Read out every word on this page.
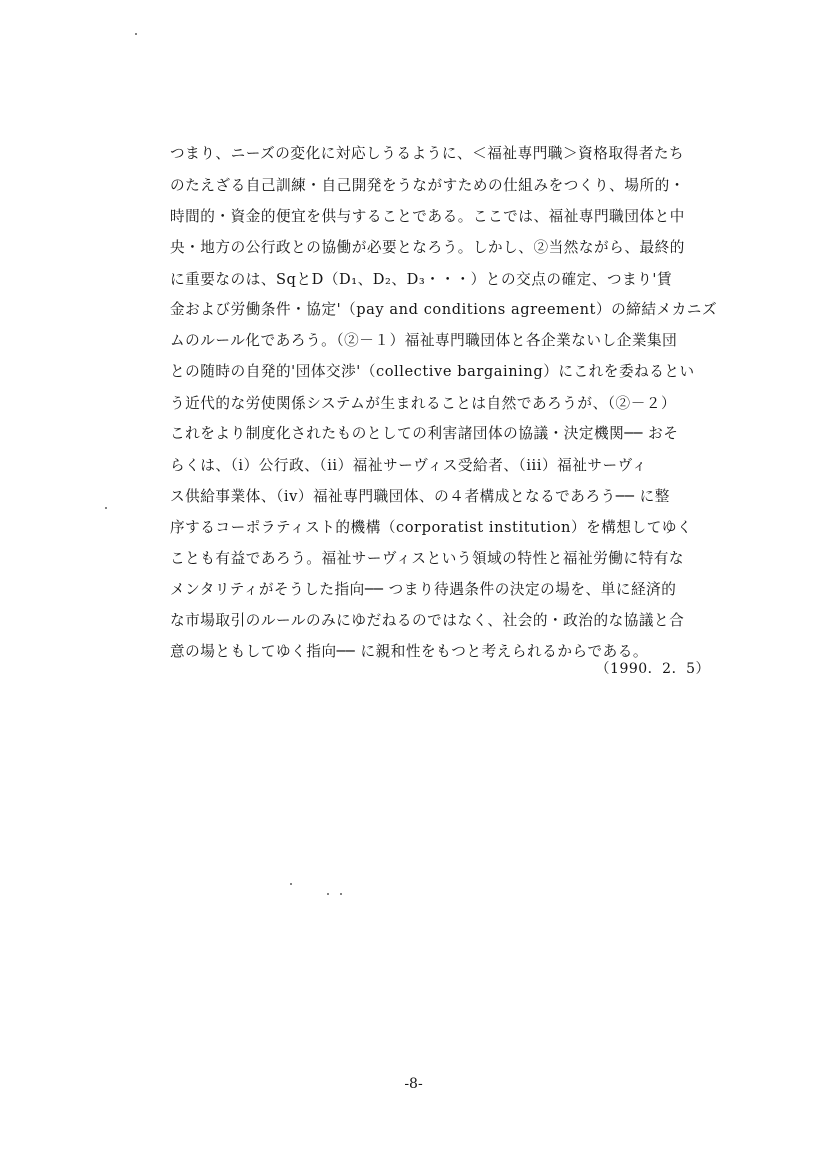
つまり、ニーズの変化に対応しうるように、＜福祉専門職＞資格取得者たち
のたえざる自己訓練・自己開発をうながすための仕組みをつくり、場所的・
時間的・資金的便宜を供与することである。ここでは、福祉専門職団体と中
央・地方の公行政との協働が必要となろう。しかし、②当然ながら、最終的
に重要なのは、SqとD（D₁、D₂、D₃・・・）との交点の確定、つまり'賃
金および労働条件・協定'（pay and conditions agreement）の締結メカニズ
ムのルール化であろう。（②－１）福祉専門職団体と各企業ないし企業集団
との随時の自発的'団体交渉'（collective bargaining）にこれを委ねるとい
う近代的な労使関係システムが生まれることは自然であろうが、（②－２）
これをより制度化されたものとしての利害諸団体の協議・決定機関── おそ
らくは、（i）公行政、（ii）福祉サーヴィス受給者、（iii）福祉サーヴィ
ス供給事業体、（iv）福祉専門職団体、の４者構成となるであろう── に整
序するコーポラティスト的機構（corporatist institution）を構想してゆく
ことも有益であろう。福祉サーヴィスという領域の特性と福祉労働に特有な
メンタリティがそうした指向── つまり待遇条件の決定の場を、単に経済的
な市場取引のルールのみにゆだねるのではなく、社会的・政治的な協議と合
意の場ともしてゆく指向── に親和性をもつと考えられるからである。
（1990．2．5）
-8-
